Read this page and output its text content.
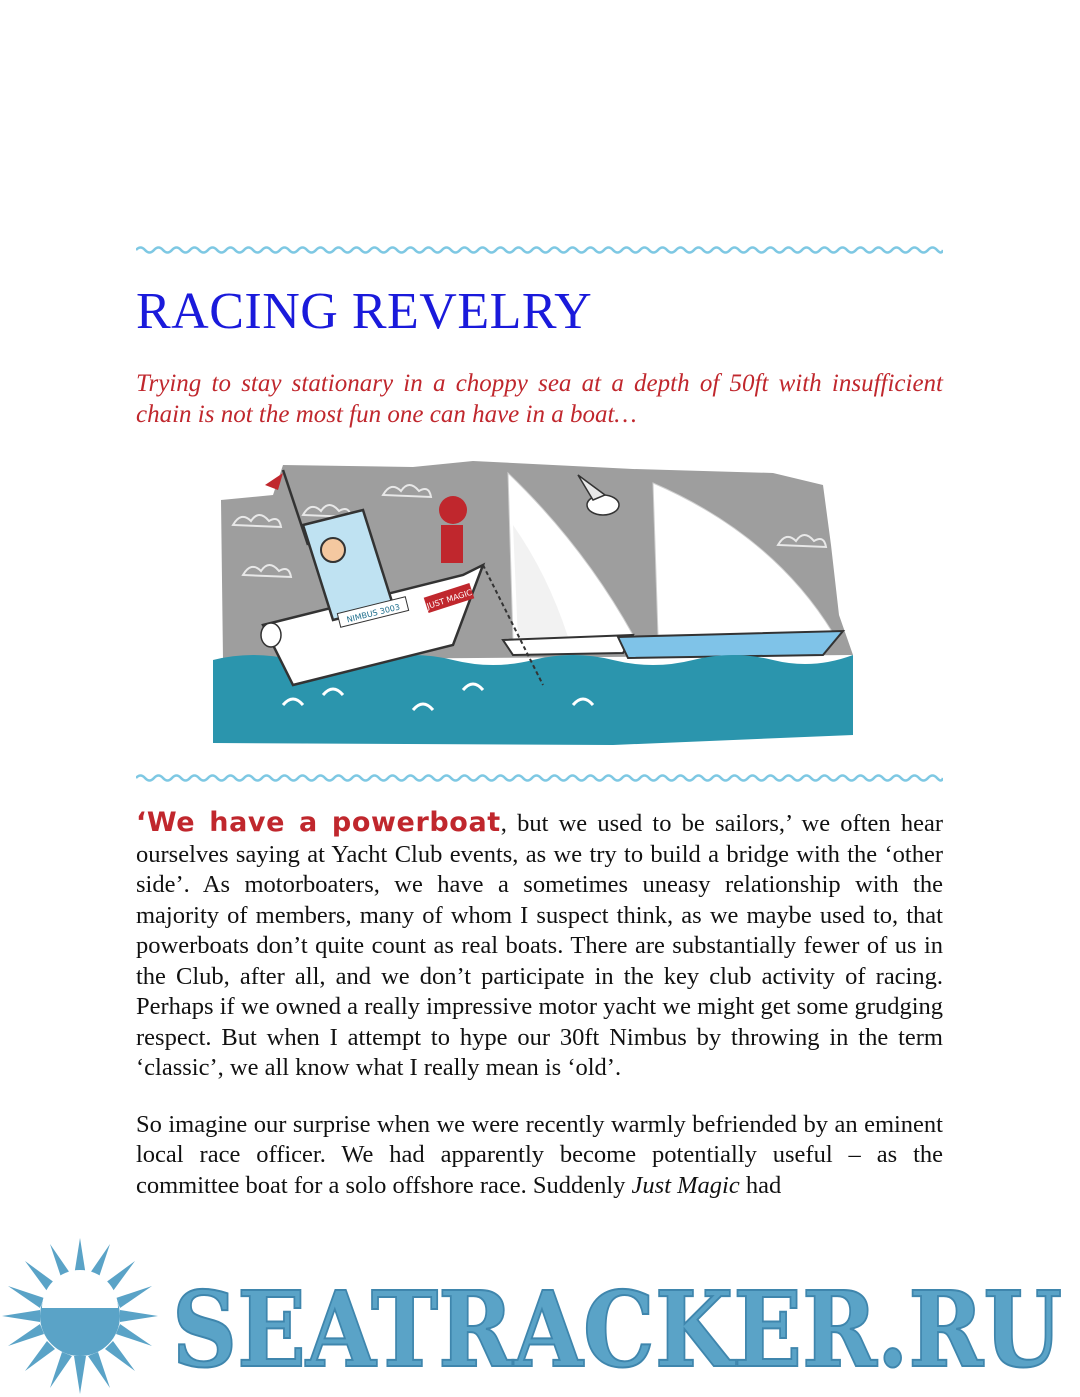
RACING REVELRY

Trying to stay stationary in a choppy sea at a depth of 50ft with insufficient chain is not the most fun one can have in a boat…

JUST MAGIC
NIMBUS 3003

‘We have a powerboat, but we used to be sailors,’ we often hear ourselves saying at Yacht Club events, as we try to build a bridge with the ‘other side’. As motorboaters, we have a sometimes uneasy relationship with the majority of members, many of whom I suspect think, as we maybe used to, that powerboats don’t quite count as real boats. There are substantially fewer of us in the Club, after all, and we don’t participate in the key club activity of racing. Perhaps if we owned a really impressive motor yacht we might get some grudging respect. But when I attempt to hype our 30ft Nimbus by throwing in the term ‘classic’, we all know what I really mean is ‘old’.

So imagine our surprise when we were recently warmly befriended by an eminent local race officer. We had apparently become potentially useful – as the committee boat for a solo offshore race. Suddenly Just Magic had

SEATRACKER.RU
